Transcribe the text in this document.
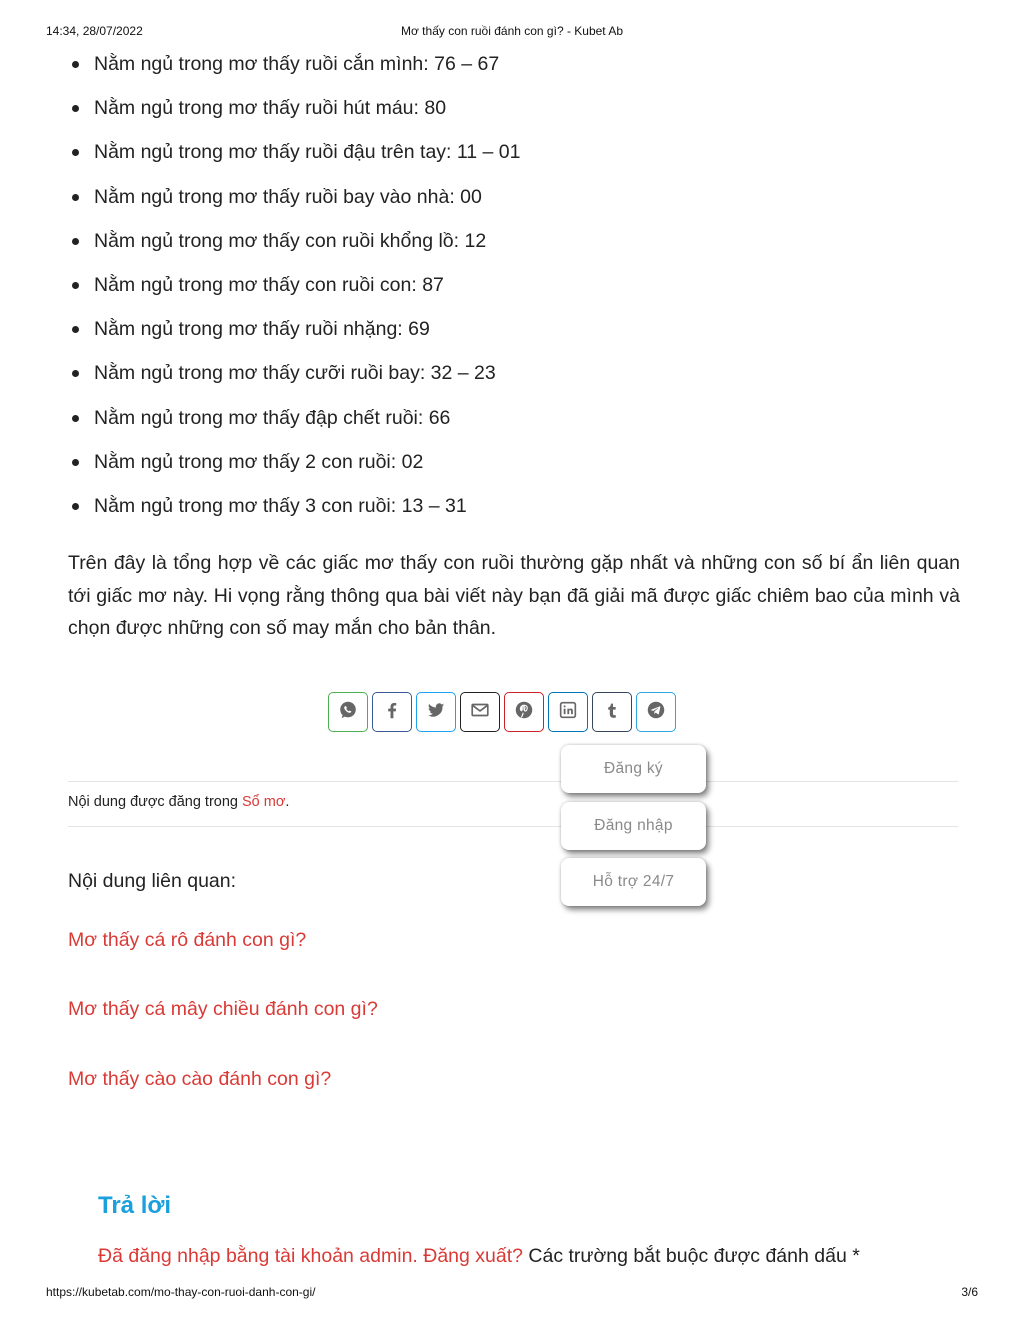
Mơ thấy con ruồi đánh con gì? - Kubet Ab
14:34, 28/07/2022
Nằm ngủ trong mơ thấy ruồi cắn mình: 76 – 67
Nằm ngủ trong mơ thấy ruồi hút máu: 80
Nằm ngủ trong mơ thấy ruồi đậu trên tay: 11 – 01
Nằm ngủ trong mơ thấy ruồi bay vào nhà: 00
Nằm ngủ trong mơ thấy con ruồi khổng lồ: 12
Nằm ngủ trong mơ thấy con ruồi con: 87
Nằm ngủ trong mơ thấy ruồi nhặng: 69
Nằm ngủ trong mơ thấy cưỡi ruồi bay: 32 – 23
Nằm ngủ trong mơ thấy đập chết ruồi: 66
Nằm ngủ trong mơ thấy 2 con ruồi: 02
Nằm ngủ trong mơ thấy 3 con ruồi: 13 – 31

Trên đây là tổng hợp về các giấc mơ thấy con ruồi thường gặp nhất và những con số bí ẩn liên quan tới giấc mơ này. Hi vọng rằng thông qua bài viết này bạn đã giải mã được giấc chiêm bao của mình và chọn được những con số may mắn cho bản thân.

Nội dung được đăng trong Sổ mơ.
Nội dung liên quan:
Mơ thấy cá rô đánh con gì?
Mơ thấy cá mây chiều đánh con gì?
Mơ thấy cào cào đánh con gì?
Đăng ký
Đăng nhập
Hỗ trợ 24/7
Trả lời
Đã đăng nhập bằng tài khoản admin. Đăng xuất? Các trường bắt buộc được đánh dấu *
https://kubetab.com/mo-thay-con-ruoi-danh-con-gi/	3/6
